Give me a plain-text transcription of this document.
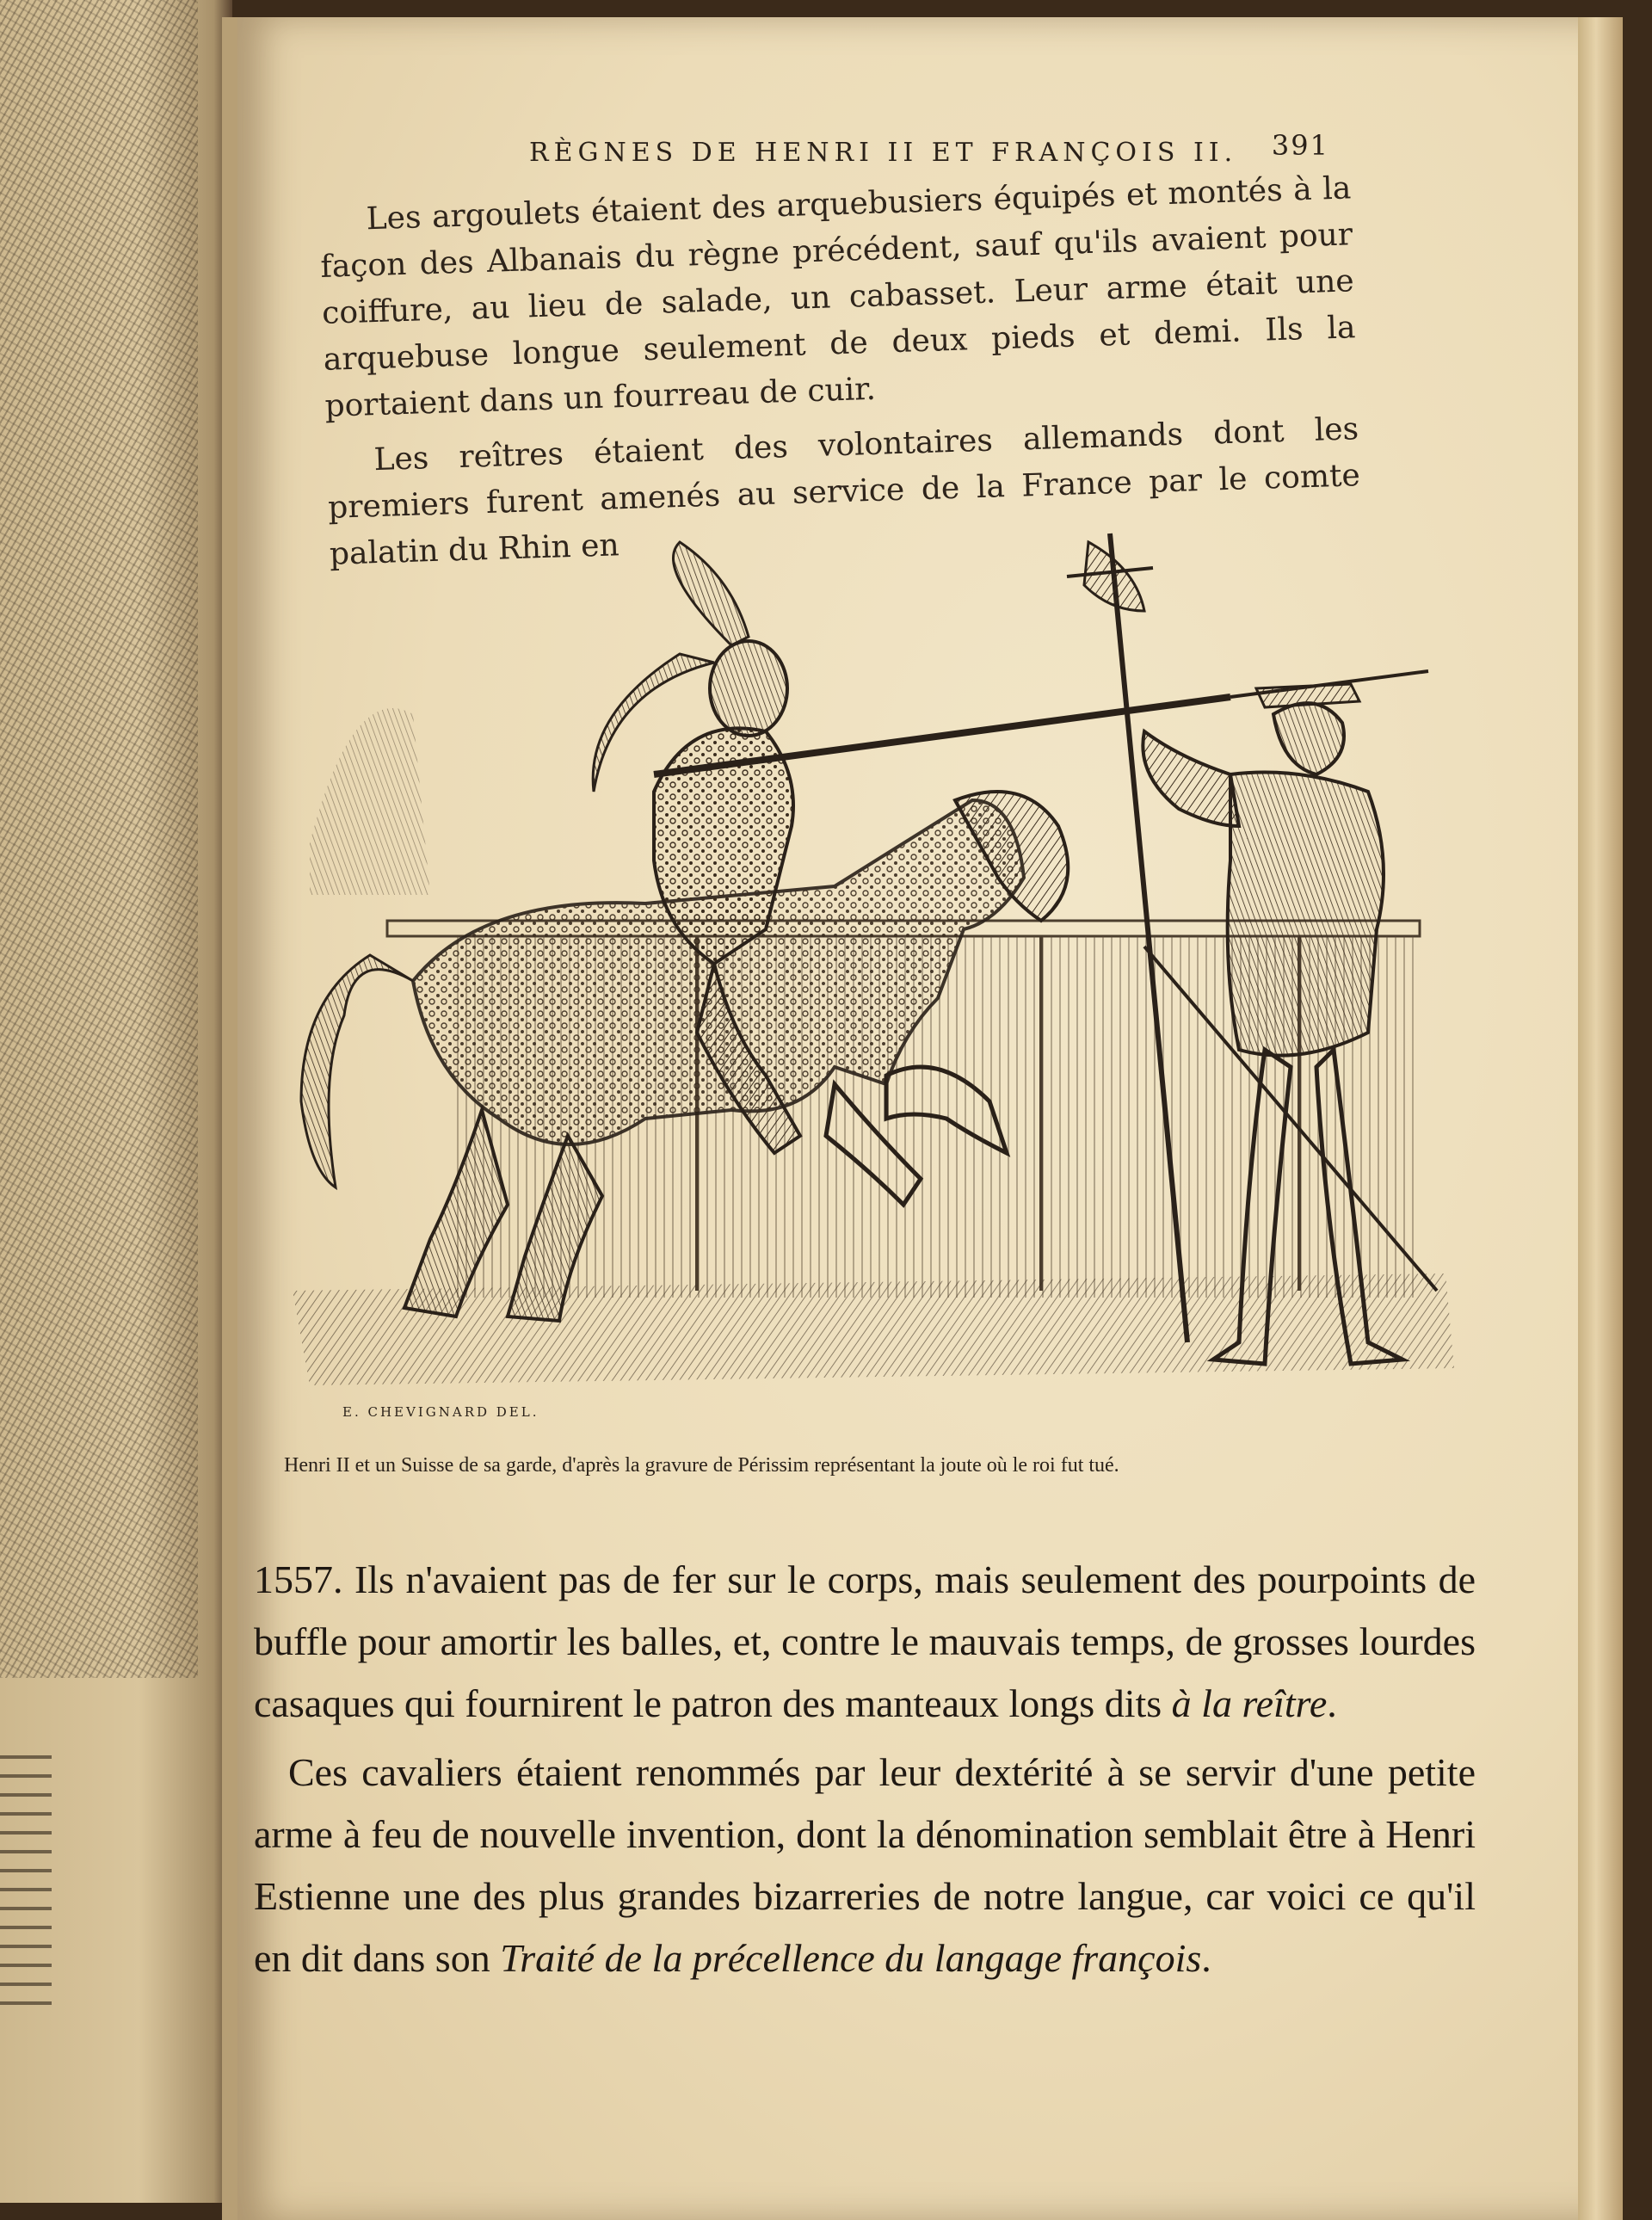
RÈGNES DE HENRI II ET FRANÇOIS II. 391

Les argoulets étaient des arquebusiers équipés et montés à la façon des Albanais du règne précédent, sauf qu'ils avaient pour coiffure, au lieu de salade, un cabasset. Leur arme était une arquebuse longue seulement de deux pieds et demi. Ils la portaient dans un fourreau de cuir.

Les reîtres étaient des volontaires allemands dont les premiers furent amenés au service de la France par le comte palatin du Rhin en

E. CHEVIGNARD DEL.
Henri II et un Suisse de sa garde, d'après la gravure de Périssim représentant la joute où le roi fut tué.

1557. Ils n'avaient pas de fer sur le corps, mais seulement des pourpoints de buffle pour amortir les balles, et, contre le mauvais temps, de grosses lourdes casaques qui fournirent le patron des manteaux longs dits à la reître.

Ces cavaliers étaient renommés par leur dextérité à se servir d'une petite arme à feu de nouvelle invention, dont la dénomination semblait être à Henri Estienne une des plus grandes bizarreries de notre langue, car voici ce qu'il en dit dans son Traité de la précellence du langage françois.
